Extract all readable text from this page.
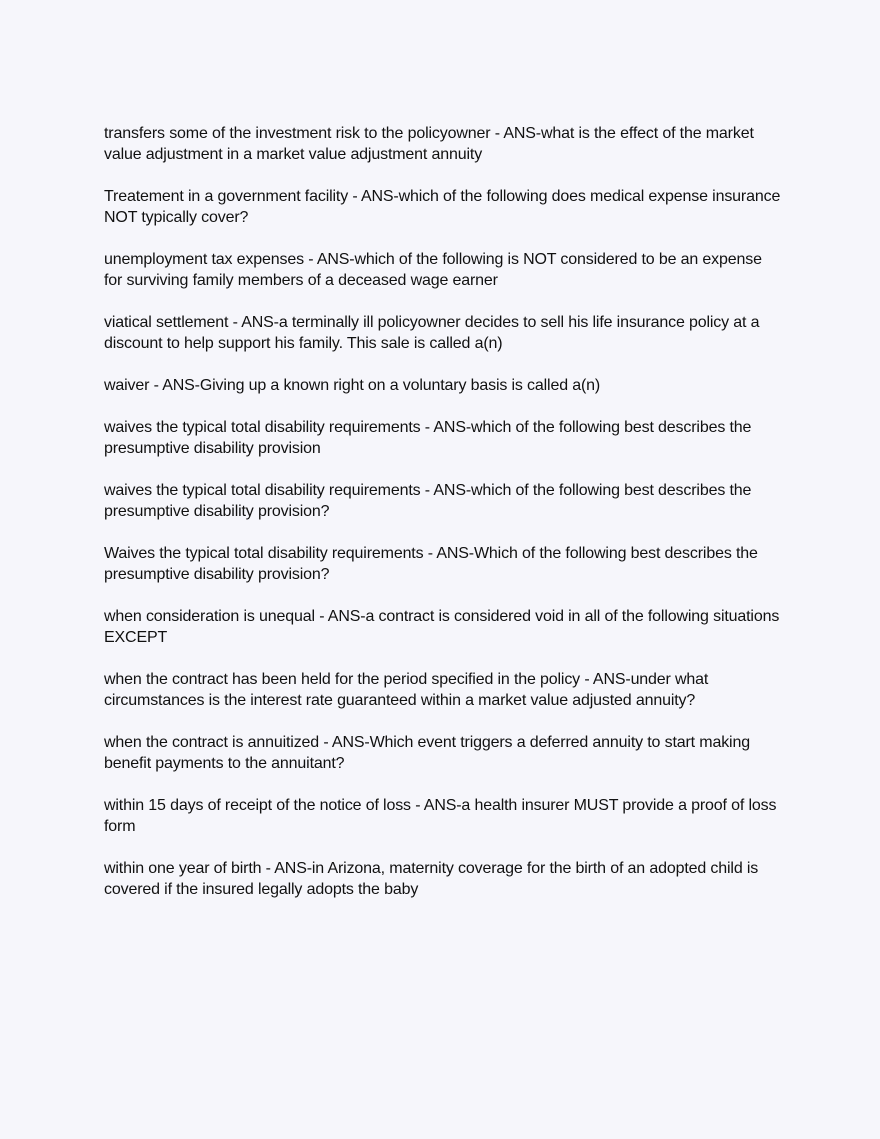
transfers some of the investment risk to the policyowner - ANS-what is the effect of the market value adjustment in a market value adjustment annuity

Treatement in a government facility - ANS-which of the following does medical expense insurance NOT typically cover?

unemployment tax expenses - ANS-which of the following is NOT considered to be an expense for surviving family members of a deceased wage earner

viatical settlement - ANS-a terminally ill policyowner decides to sell his life insurance policy at a discount to help support his family. This sale is called a(n)

waiver - ANS-Giving up a known right on a voluntary basis is called a(n)

waives the typical total disability requirements - ANS-which of the following best describes the presumptive disability provision

waives the typical total disability requirements - ANS-which of the following best describes the presumptive disability provision?

Waives the typical total disability requirements - ANS-Which of the following best describes the presumptive disability provision?

when consideration is unequal - ANS-a contract is considered void in all of the following situations EXCEPT

when the contract has been held for the period specified in the policy - ANS-under what circumstances is the interest rate guaranteed within a market value adjusted annuity?

when the contract is annuitized - ANS-Which event triggers a deferred annuity to start making benefit payments to the annuitant?

within 15 days of receipt of the notice of loss - ANS-a health insurer MUST provide a proof of loss form

within one year of birth - ANS-in Arizona, maternity coverage for the birth of an adopted child is covered if the insured legally adopts the baby
